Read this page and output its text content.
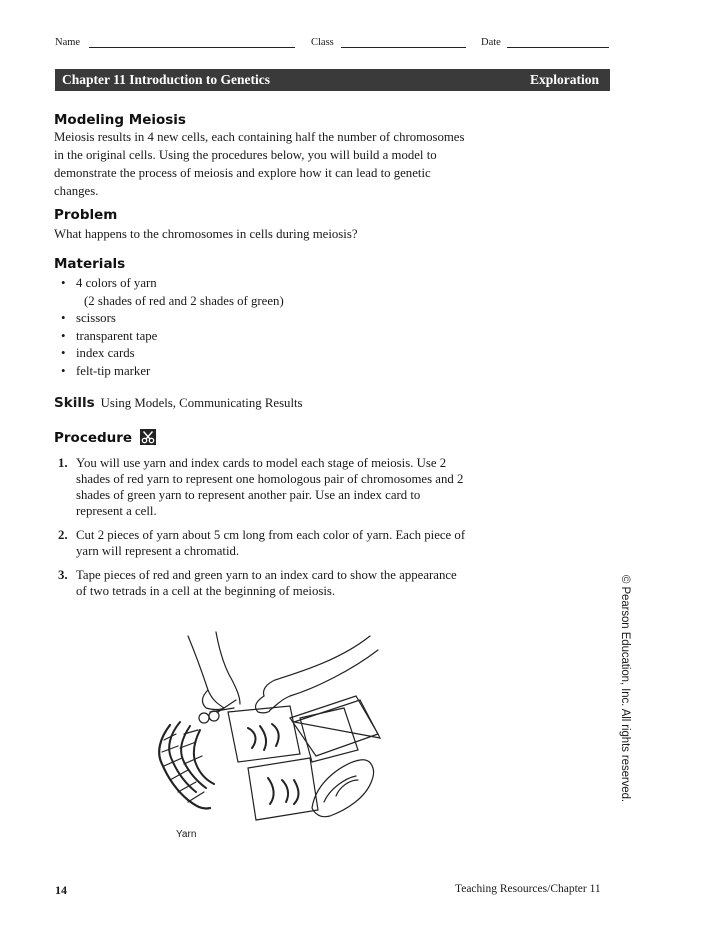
Name	Class	Date
Chapter 11 Introduction to Genetics	Exploration
Modeling Meiosis
Meiosis results in 4 new cells, each containing half the number of chromosomes in the original cells. Using the procedures below, you will build a model to demonstrate the process of meiosis and explore how it can lead to genetic changes.
Problem
What happens to the chromosomes in cells during meiosis?
Materials
• 4 colors of yarn
(2 shades of red and 2 shades of green)
• scissors
• transparent tape
• index cards
• felt-tip marker
Skills Using Models, Communicating Results
Procedure
1. You will use yarn and index cards to model each stage of meiosis. Use 2 shades of red yarn to represent one homologous pair of chromosomes and 2 shades of green yarn to represent another pair. Use an index card to represent a cell.
2. Cut 2 pieces of yarn about 5 cm long from each color of yarn. Each piece of yarn will represent a chromatid.
3. Tape pieces of red and green yarn to an index card to show the appearance of two tetrads in a cell at the beginning of meiosis.
Yarn
© Pearson Education, Inc. All rights reserved.
14	Teaching Resources/Chapter 11
